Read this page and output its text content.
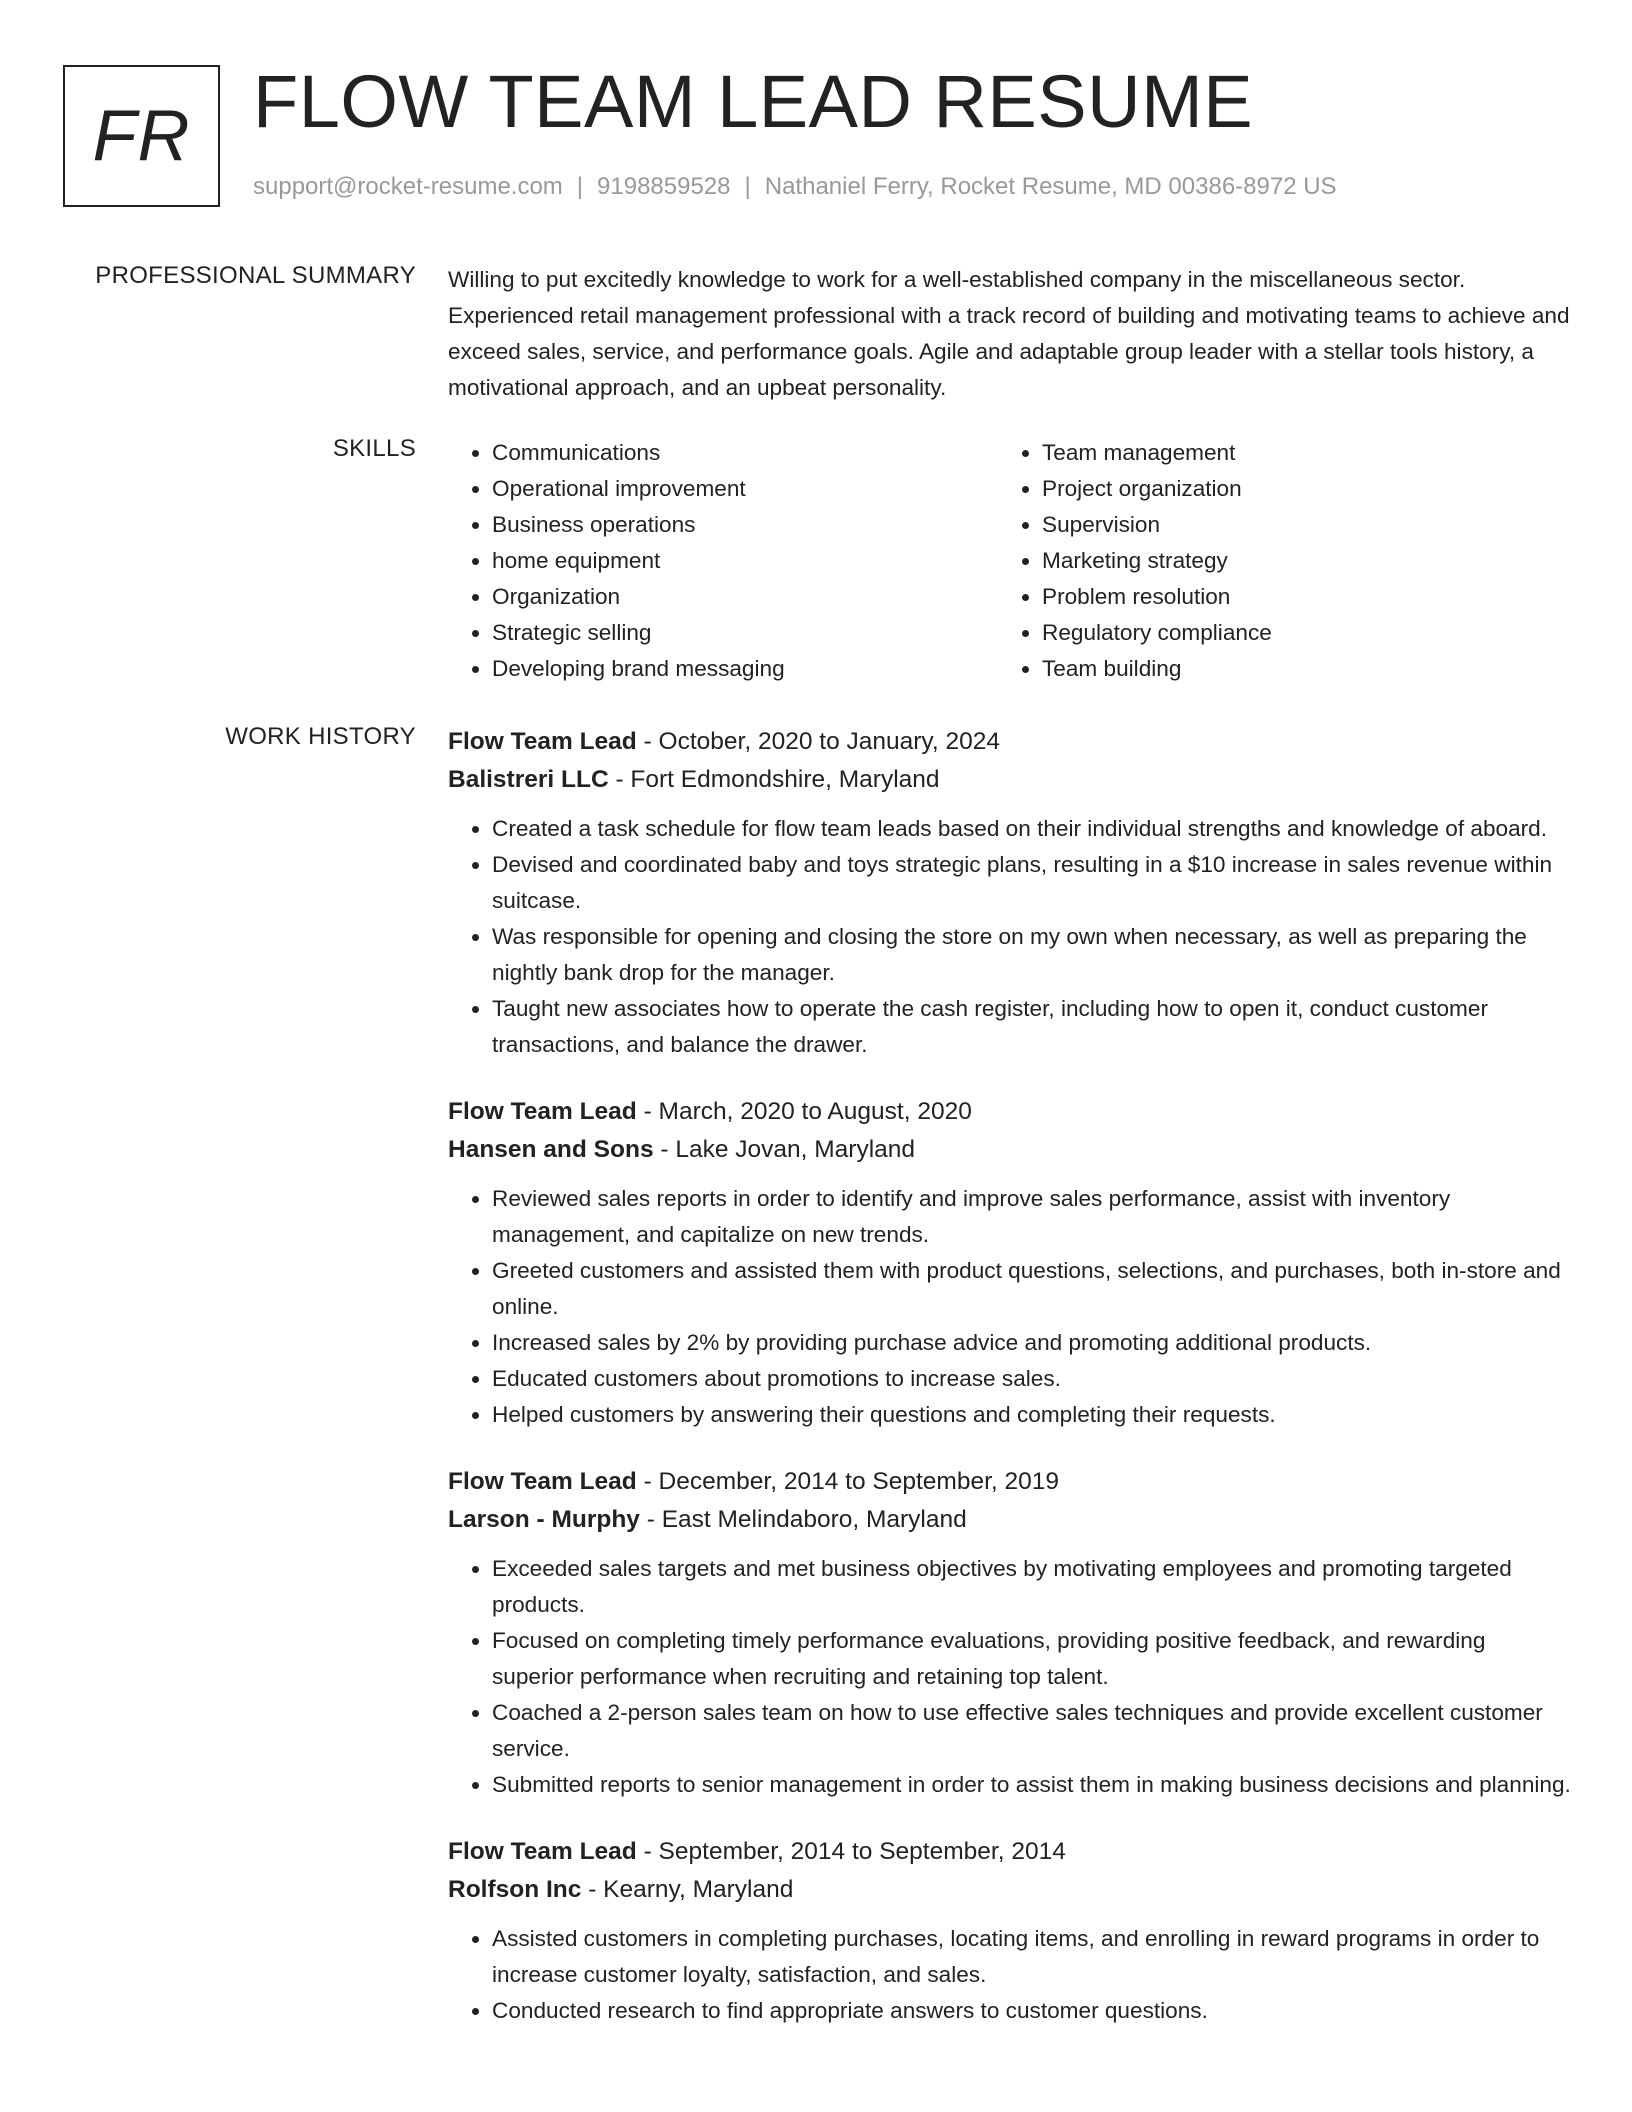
FR FLOW TEAM LEAD RESUME
support@rocket-resume.com | 9198859528 | Nathaniel Ferry, Rocket Resume, MD 00386-8972 US
PROFESSIONAL SUMMARY Willing to put excitedly knowledge to work for a well-established company in the miscellaneous sector. Experienced retail management professional with a track record of building and motivating teams to achieve and exceed sales, service, and performance goals. Agile and adaptable group leader with a stellar tools history, a motivational approach, and an upbeat personality.

SKILLS
•	Communications
• Operational improvement
• Business operations
• home equipment
• Organization
• Strategic selling
• Developing brand messaging
• Team management
• Project organization
• Supervision
• Marketing strategy
• Problem resolution
• Regulatory compliance
• Team building
WORK HISTORY Flow Team Lead - October, 2020 to January, 2024
Balistreri LLC - Fort Edmondshire, Maryland
• Created a task schedule for flow team leads based on their individual strengths and knowledge of aboard.
• Devised and coordinated baby and toys strategic plans, resulting in a $10 increase in sales revenue within suitcase.
• Was responsible for opening and closing the store on my own when necessary, as well as preparing the nightly bank drop for the manager.
• Taught new associates how to operate the cash register, including how to open it, conduct customer transactions, and balance the drawer.
Flow Team Lead - March, 2020 to August, 2020
Hansen and Sons - Lake Jovan, Maryland
• Reviewed sales reports in order to identify and improve sales performance, assist with inventory management, and capitalize on new trends.
• Greeted customers and assisted them with product questions, selections, and purchases, both in-store and online.
• Increased sales by 2% by providing purchase advice and promoting additional products.
• Educated customers about promotions to increase sales.
• Helped customers by answering their questions and completing their requests.
Flow Team Lead - December, 2014 to September, 2019
Larson - Murphy - East Melindaboro, Maryland
• Exceeded sales targets and met business objectives by motivating employees and promoting targeted products.
• Focused on completing timely performance evaluations, providing positive feedback, and rewarding superior performance when recruiting and retaining top talent.
• Coached a 2-person sales team on how to use effective sales techniques and provide excellent customer service.
• Submitted reports to senior management in order to assist them in making business decisions and planning.
Flow Team Lead - September, 2014 to September, 2014
Rolfson Inc - Kearny, Maryland
• Assisted customers in completing purchases, locating items, and enrolling in reward programs in order to increase customer loyalty, satisfaction, and sales.
• Conducted research to find appropriate answers to customer questions.
